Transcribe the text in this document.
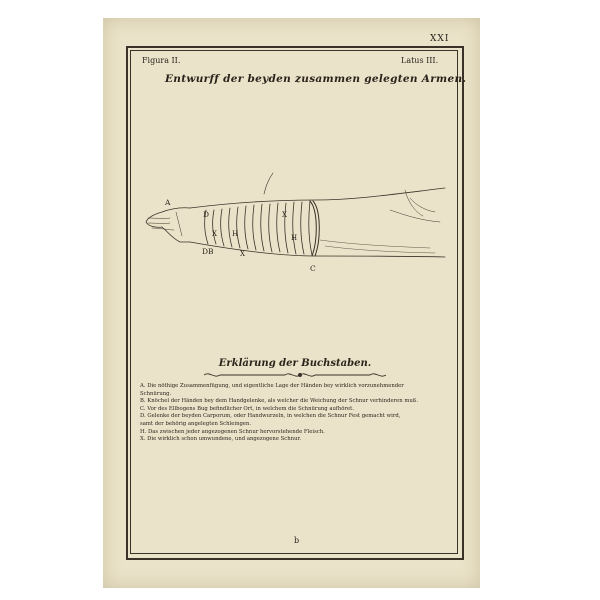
XXI
Figura II.	Latus III.
Entwurff der beyden zusammen gelegten Armen.
A
D
X H
DB	X
X
H
C
Erklärung der Buchstaben.
A. Die nöthige Zusammenfügung, und eigentliche Lage der Händen bey wirklich vorzunehmender
Schnürung.
B. Knöchel der Händen bey dem Handgelenke, als welcher die Weichung der Schnur verhinderen muß.
C. Vor des Ellbogens Bug befindlicher Ort, in welchem die Schnürung aufhöret.
D. Gelenke der beyden Carporum, oder Handwurzeln, in welchen die Schnur Fest gemacht wird,
samt der behörig angelegten Schleingen.
H. Das zwischen jeder angezogenen Schnur hervorstehende Fleisch.
X. Die wirklich schon umwundene, und angezogene Schnur.
b
